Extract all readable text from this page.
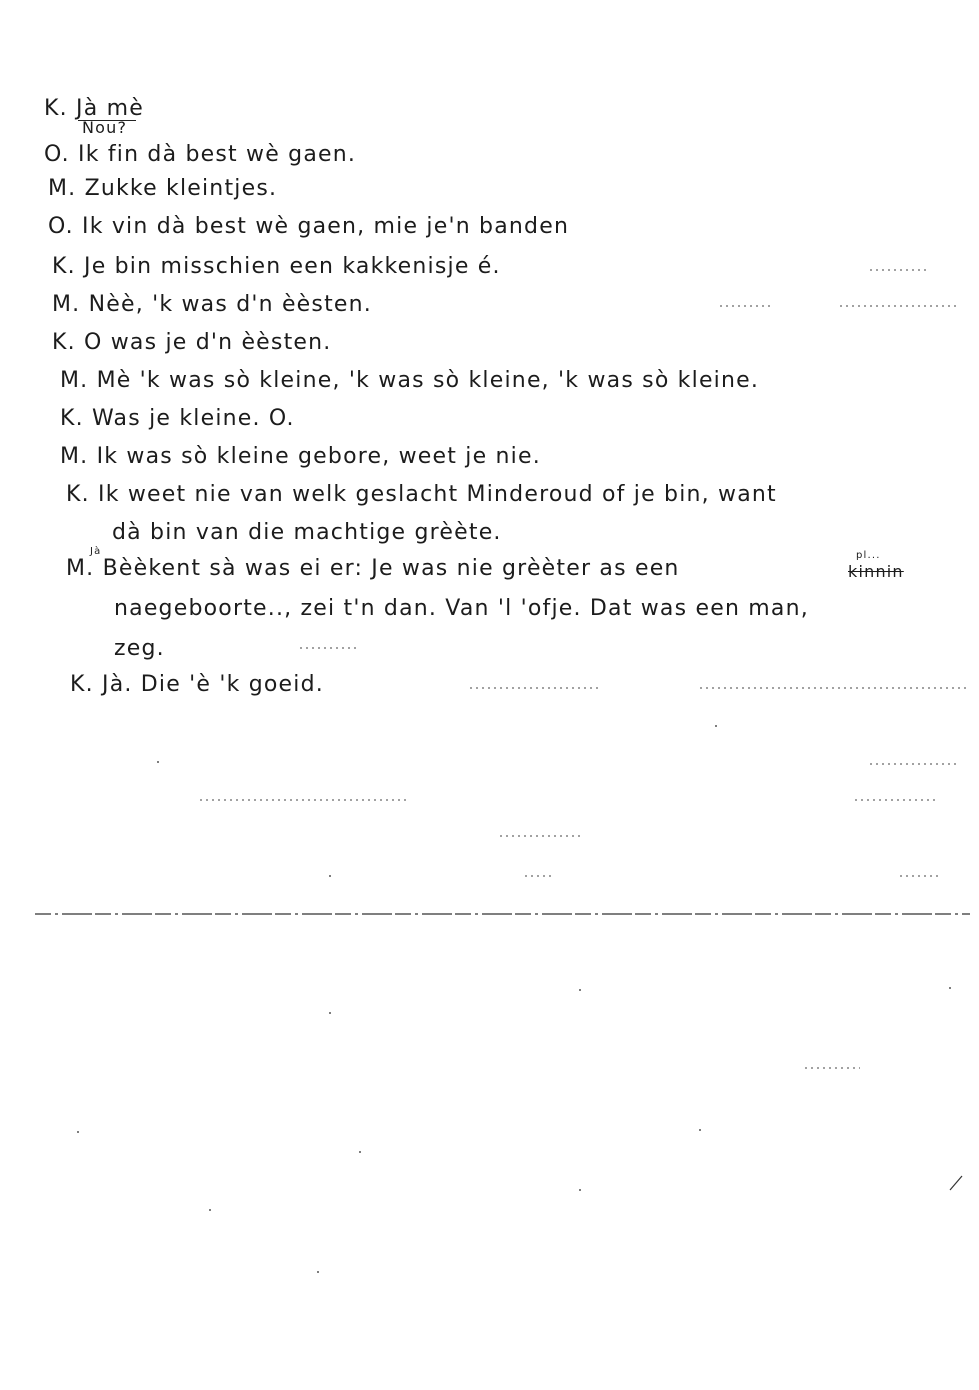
K. Jà mè
Nou?
O. Ik fin dà best wè gaen.
M. Zukke kleintjes.
O. Ik vin dà best wè gaen, mie je'n banden
K. Je bin misschien een kakkenisje é.
M. Nèè, 'k was d'n èèsten.
K. O was je d'n èèsten.
M. Mè 'k was sò kleine, 'k was sò kleine, 'k was sò kleine.
K. Was je kleine. O.
M. Ik was sò kleine gebore, weet je nie.
K. Ik weet nie van welk geslacht Minderoud of je bin, want
dà bin van die machtige grèète.
Jà
M. Bèèkent sà was ei er: Je was nie grèèter as een	kinnin
pl...
naegeboorte.., zei t'n dan. Van 'l 'ofje. Dat was een man,
zeg.
K. Jà. Die 'è 'k goeid.
